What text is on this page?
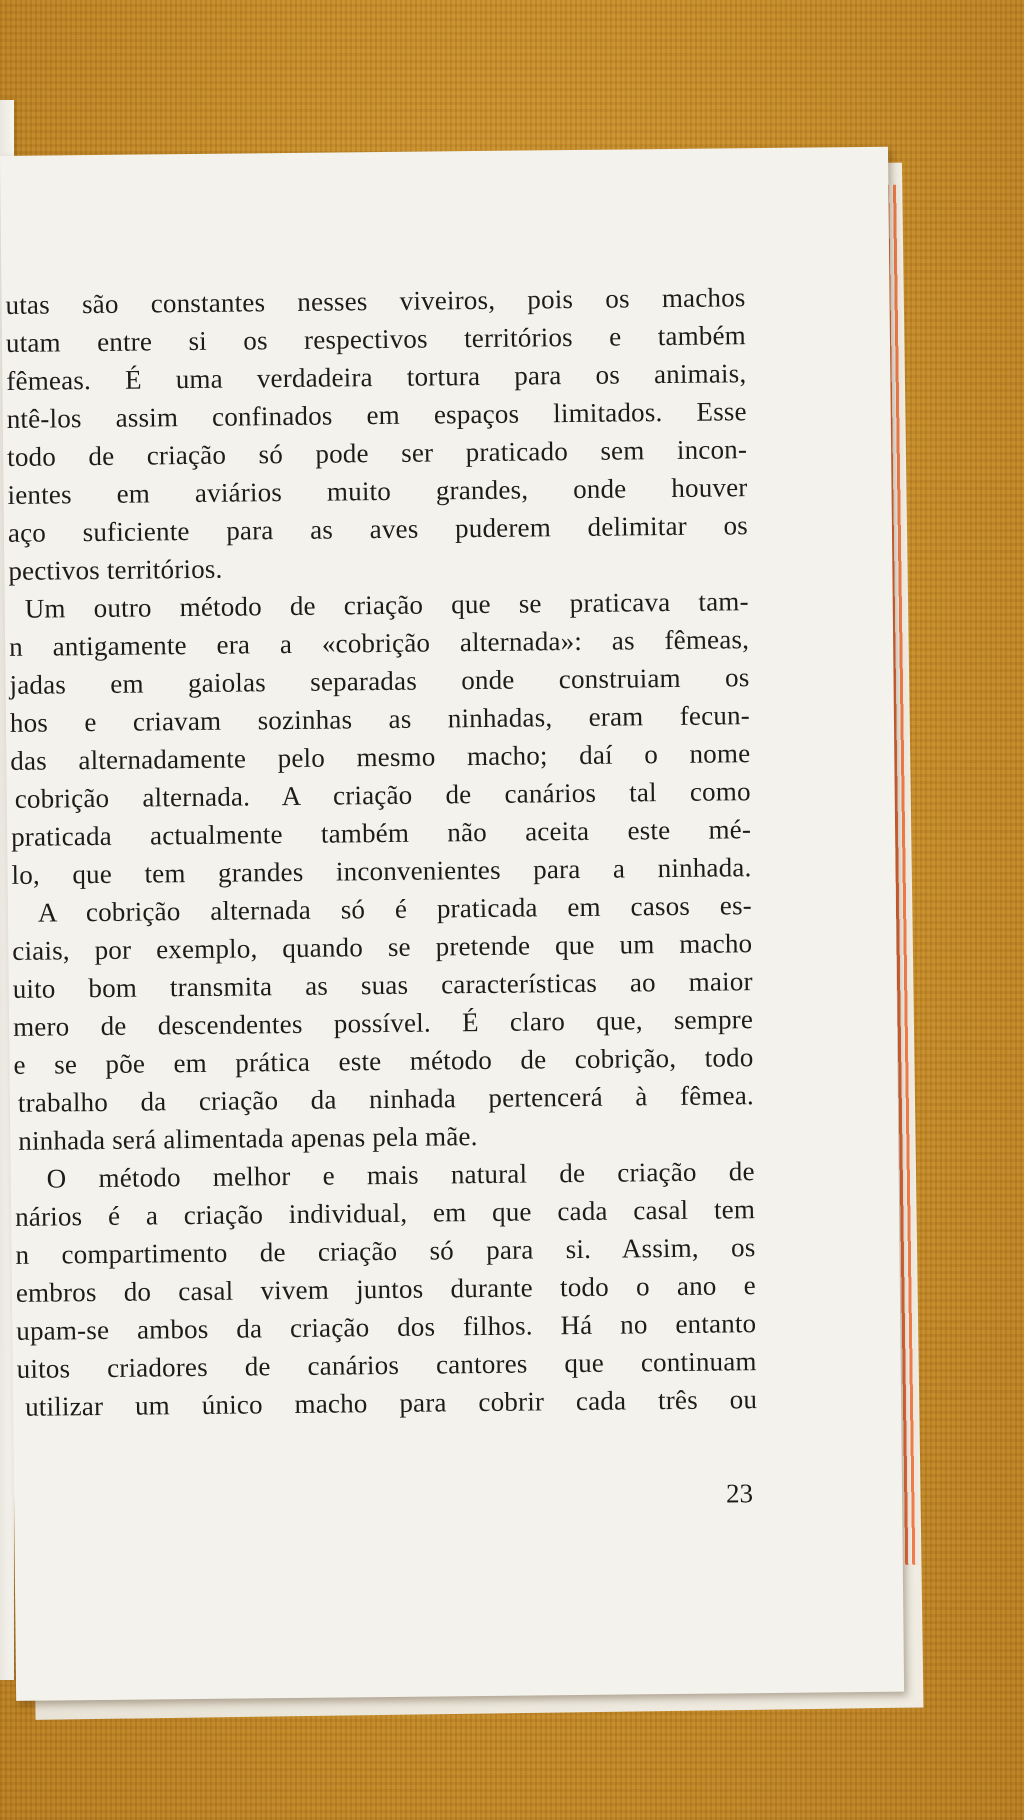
utas são constantes nesses viveiros, pois os machos
utam entre si os respectivos territórios e também
fêmeas. É uma verdadeira tortura para os animais,
ntê-los assim confinados em espaços limitados. Esse
todo de criação só pode ser praticado sem incon-
ientes em aviários muito grandes, onde houver
aço suficiente para as aves puderem delimitar os
pectivos territórios.
Um outro método de criação que se praticava tam-
n antigamente era a «cobrição alternada»: as fêmeas,
jadas em gaiolas separadas onde construiam os
hos e criavam sozinhas as ninhadas, eram fecun-
das alternadamente pelo mesmo macho; daí o nome
cobrição alternada. A criação de canários tal como
praticada actualmente também não aceita este mé-
lo, que tem grandes inconvenientes para a ninhada.
A cobrição alternada só é praticada em casos es-
ciais, por exemplo, quando se pretende que um macho
uito bom transmita as suas características ao maior
mero de descendentes possível. É claro que, sempre
e se põe em prática este método de cobrição, todo
trabalho da criação da ninhada pertencerá à fêmea.
ninhada será alimentada apenas pela mãe.
O método melhor e mais natural de criação de
nários é a criação individual, em que cada casal tem
n compartimento de criação só para si. Assim, os
embros do casal vivem juntos durante todo o ano e
upam-se ambos da criação dos filhos. Há no entanto
uitos criadores de canários cantores que continuam
utilizar um único macho para cobrir cada três ou
23
